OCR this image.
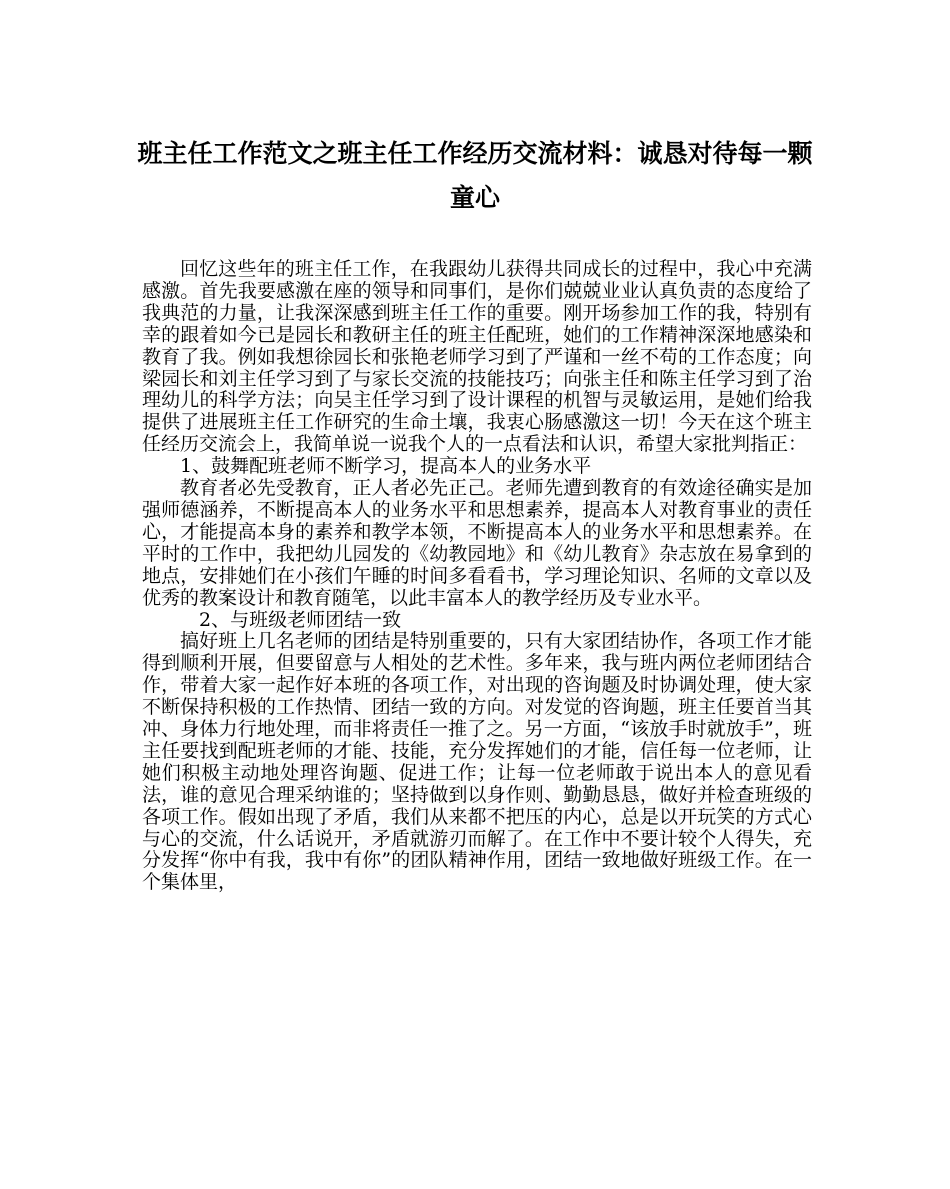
班主任工作范文之班主任工作经历交流材料：诚恳对待每一颗童心

回忆这些年的班主任工作，在我跟幼儿获得共同成长的过程中，我心中充满感激。首先我要感激在座的领导和同事们，是你们兢兢业业认真负责的态度给了我典范的力量，让我深深感到班主任工作的重要。刚开场参加工作的我，特别有幸的跟着如今已是园长和教研主任的班主任配班，她们的工作精神深深地感染和教育了我。例如我想徐园长和张艳老师学习到了严谨和一丝不苟的工作态度；向梁园长和刘主任学习到了与家长交流的技能技巧；向张主任和陈主任学习到了治理幼儿的科学方法；向吴主任学习到了设计课程的机智与灵敏运用，是她们给我提供了进展班主任工作研究的生命土壤，我衷心肠感激这一切！今天在这个班主任经历交流会上，我简单说一说我个人的一点看法和认识，希望大家批判指正：

1、鼓舞配班老师不断学习，提高本人的业务水平

教育者必先受教育，正人者必先正己。老师先遭到教育的有效途径确实是加强师德涵养，不断提高本人的业务水平和思想素养，提高本人对教育事业的责任心，才能提高本身的素养和教学本领，不断提高本人的业务水平和思想素养。在平时的工作中，我把幼儿园发的《幼教园地》和《幼儿教育》杂志放在易拿到的地点，安排她们在小孩们午睡的时间多看看书，学习理论知识、名师的文章以及优秀的教案设计和教育随笔，以此丰富本人的教学经历及专业水平。

2、与班级老师团结一致

搞好班上几名老师的团结是特别重要的，只有大家团结协作，各项工作才能得到顺利开展，但要留意与人相处的艺术性。多年来，我与班内两位老师团结合作，带着大家一起作好本班的各项工作，对出现的咨询题及时协调处理，使大家不断保持积极的工作热情、团结一致的方向。对发觉的咨询题，班主任要首当其冲、身体力行地处理，而非将责任一推了之。另一方面，“该放手时就放手”，班主任要找到配班老师的才能、技能，充分发挥她们的才能，信任每一位老师，让她们积极主动地处理咨询题、促进工作；让每一位老师敢于说出本人的意见看法，谁的意见合理采纳谁的；坚持做到以身作则、勤勤恳恳，做好并检查班级的各项工作。假如出现了矛盾，我们从来都不把压的内心，总是以开玩笑的方式心与心的交流，什么话说开，矛盾就游刃而解了。在工作中不要计较个人得失，充分发挥“你中有我，我中有你”的团队精神作用，团结一致地做好班级工作。在一个集体里，
